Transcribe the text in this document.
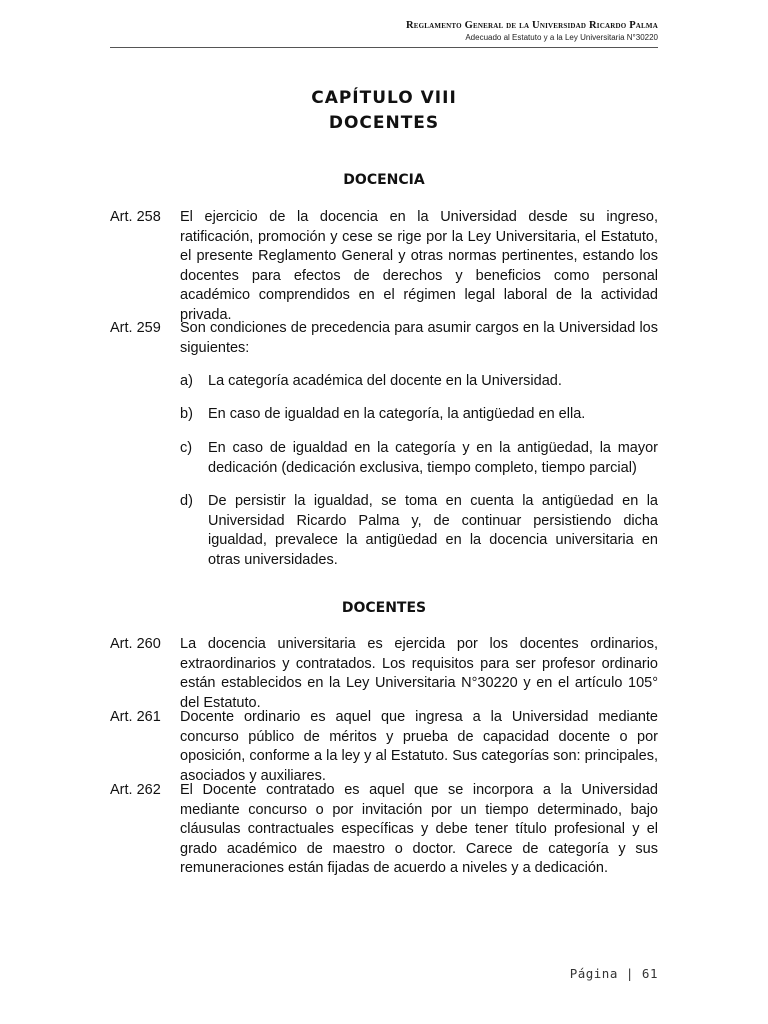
Reglamento General de la Universidad Ricardo Palma
Adecuado al Estatuto y a la Ley Universitaria N°30220
CAPÍTULO VIII
DOCENTES
DOCENCIA
Art. 258 El ejercicio de la docencia en la Universidad desde su ingreso, ratificación, promoción y cese se rige por la Ley Universitaria, el Estatuto, el presente Reglamento General y otras normas pertinentes, estando los docentes para efectos de derechos y beneficios como personal académico comprendidos en el régimen legal laboral de la actividad privada.
Art. 259 Son condiciones de precedencia para asumir cargos en la Universidad los siguientes:
a) La categoría académica del docente en la Universidad.
b) En caso de igualdad en la categoría, la antigüedad en ella.
c) En caso de igualdad en la categoría y en la antigüedad, la mayor dedicación (dedicación exclusiva, tiempo completo, tiempo parcial)
d) De persistir la igualdad, se toma en cuenta la antigüedad en la Universidad Ricardo Palma y, de continuar persistiendo dicha igualdad, prevalece la antigüedad en la docencia universitaria en otras universidades.
DOCENTES
Art. 260 La docencia universitaria es ejercida por los docentes ordinarios, extraordinarios y contratados. Los requisitos para ser profesor ordinario están establecidos en la Ley Universitaria N°30220 y en el artículo 105° del Estatuto.
Art. 261 Docente ordinario es aquel que ingresa a la Universidad mediante concurso público de méritos y prueba de capacidad docente o por oposición, conforme a la ley y al Estatuto. Sus categorías son: principales, asociados y auxiliares.
Art. 262 El Docente contratado es aquel que se incorpora a la Universidad mediante concurso o por invitación por un tiempo determinado, bajo cláusulas contractuales específicas y debe tener título profesional y el grado académico de maestro o doctor. Carece de categoría y sus remuneraciones están fijadas de acuerdo a niveles y a dedicación.
Página | 61
